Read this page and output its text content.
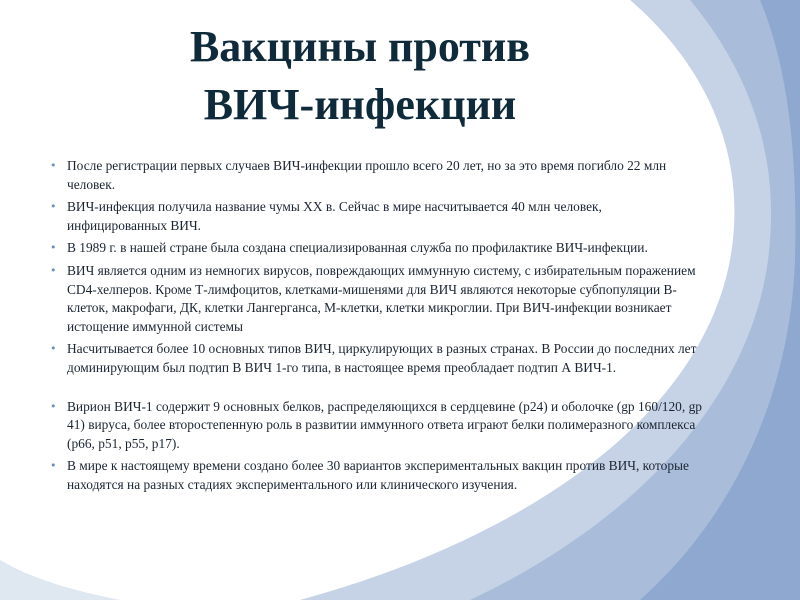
Вакцины против
ВИЧ-инфекции
• После регистрации первых случаев ВИЧ-инфекции прошло всего 20 лет, но за это время погибло 22 млн человек.
• ВИЧ-инфекция получила название чумы XX в. Сейчас в мире насчитывается 40 млн человек, инфицированных ВИЧ.
• В 1989 г. в нашей стране была создана специализированная служба по профилактике ВИЧ-инфекции.
• ВИЧ является одним из немногих вирусов, повреждающих иммунную систему, с избирательным поражением CD4-хелперов. Кроме Т-лимфоцитов, клетками-мишенями для ВИЧ являются некоторые субпопуляции В-клеток, макрофаги, ДК, клетки Лангерганса, М-клетки, клетки микроглии. При ВИЧ-инфекции возникает истощение иммунной системы
• Насчитывается более 10 основных типов ВИЧ, циркулирующих в разных странах. В России до последних лет доминирующим был подтип В ВИЧ 1-го типа, в настоящее время преобладает подтип А ВИЧ-1.
• Вирион ВИЧ-1 содержит 9 основных белков, распределяющихся в сердцевине (р24) и оболочке (gp 160/120, gp 41) вируса, более второстепенную роль в развитии иммунного ответа играют белки полимеразного комплекса (р66, р51, р55, р17).
• В мире к настоящему времени создано более 30 вариантов экспериментальных вакцин против ВИЧ, которые находятся на разных стадиях экспериментального или клинического изучения.
